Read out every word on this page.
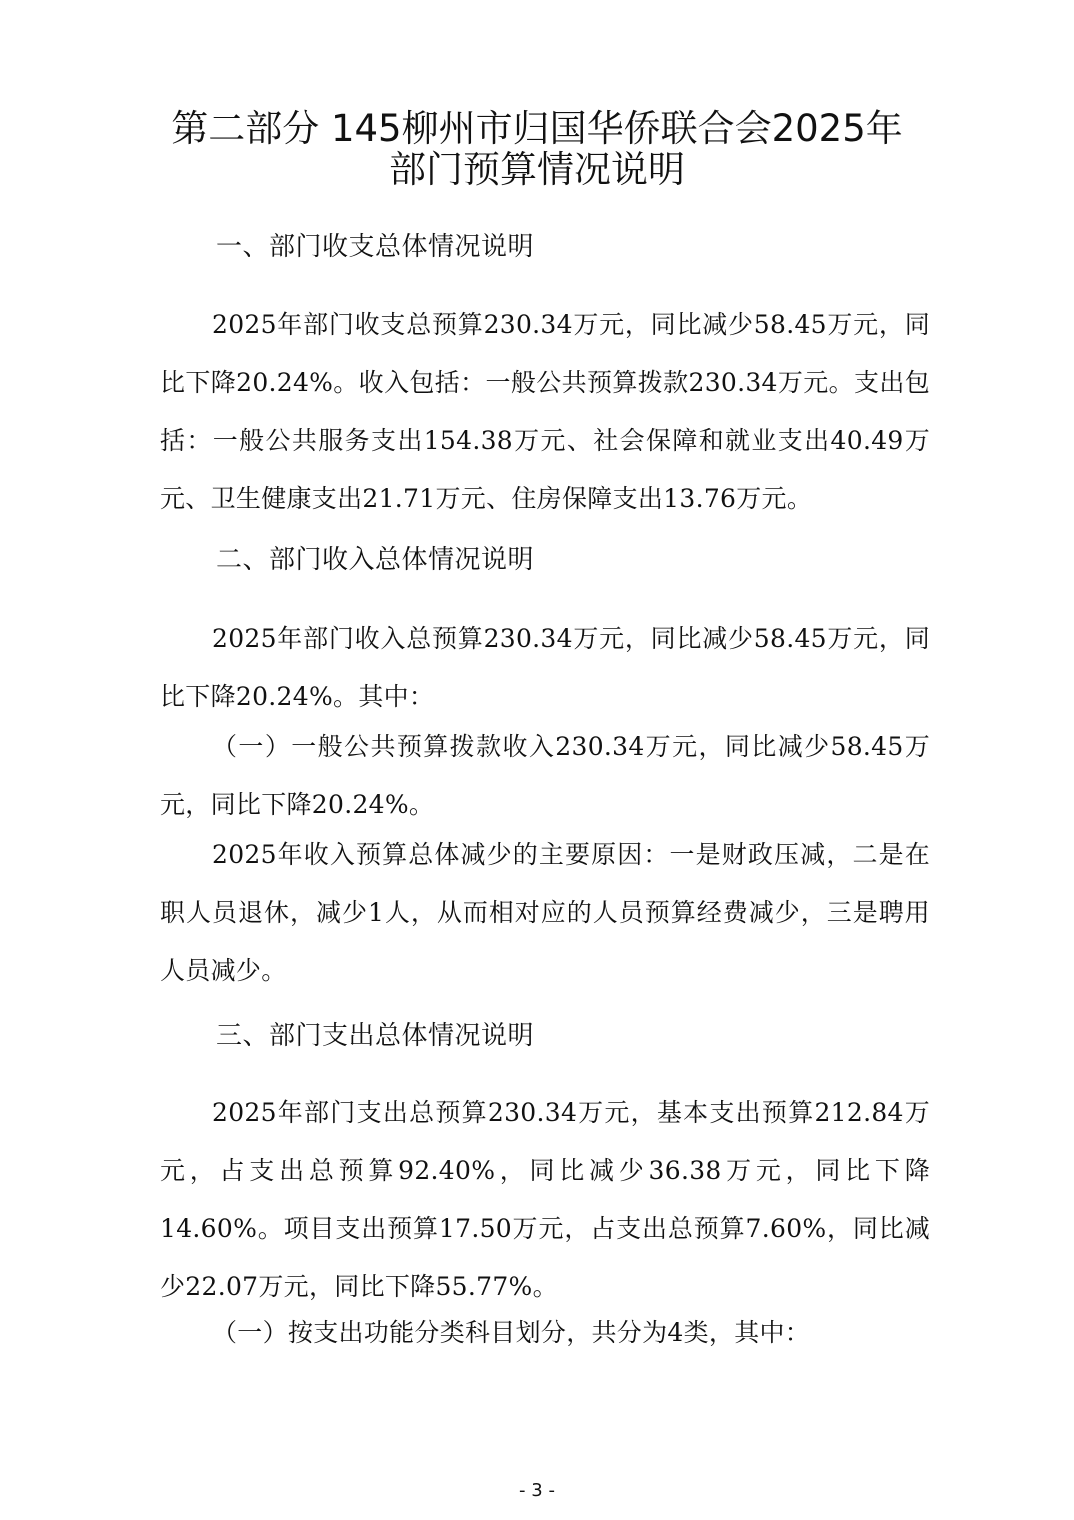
第二部分 145柳州市归国华侨联合会2025年
部门预算情况说明
一、部门收支总体情况说明

2025年部门收支总预算230.34万元，同比减少58.45万元，同比下降20.24%。收入包括：一般公共预算拨款230.34万元。支出包括：一般公共服务支出154.38万元、社会保障和就业支出40.49万元、卫生健康支出21.71万元、住房保障支出13.76万元。

二、部门收入总体情况说明

2025年部门收入总预算230.34万元，同比减少58.45万元，同比下降20.24%。其中：

（一）一般公共预算拨款收入230.34万元，同比减少58.45万元，同比下降20.24%。

2025年收入预算总体减少的主要原因：一是财政压减，二是在职人员退休，减少1人，从而相对应的人员预算经费减少，三是聘用人员减少。

三、部门支出总体情况说明

2025年部门支出总预算230.34万元，基本支出预算212.84万元，占支出总预算92.40%，同比减少36.38万元，同比下降14.60%。项目支出预算17.50万元，占支出总预算7.60%，同比减少22.07万元，同比下降55.77%。

（一）按支出功能分类科目划分，共分为4类，其中：

- 3 -
